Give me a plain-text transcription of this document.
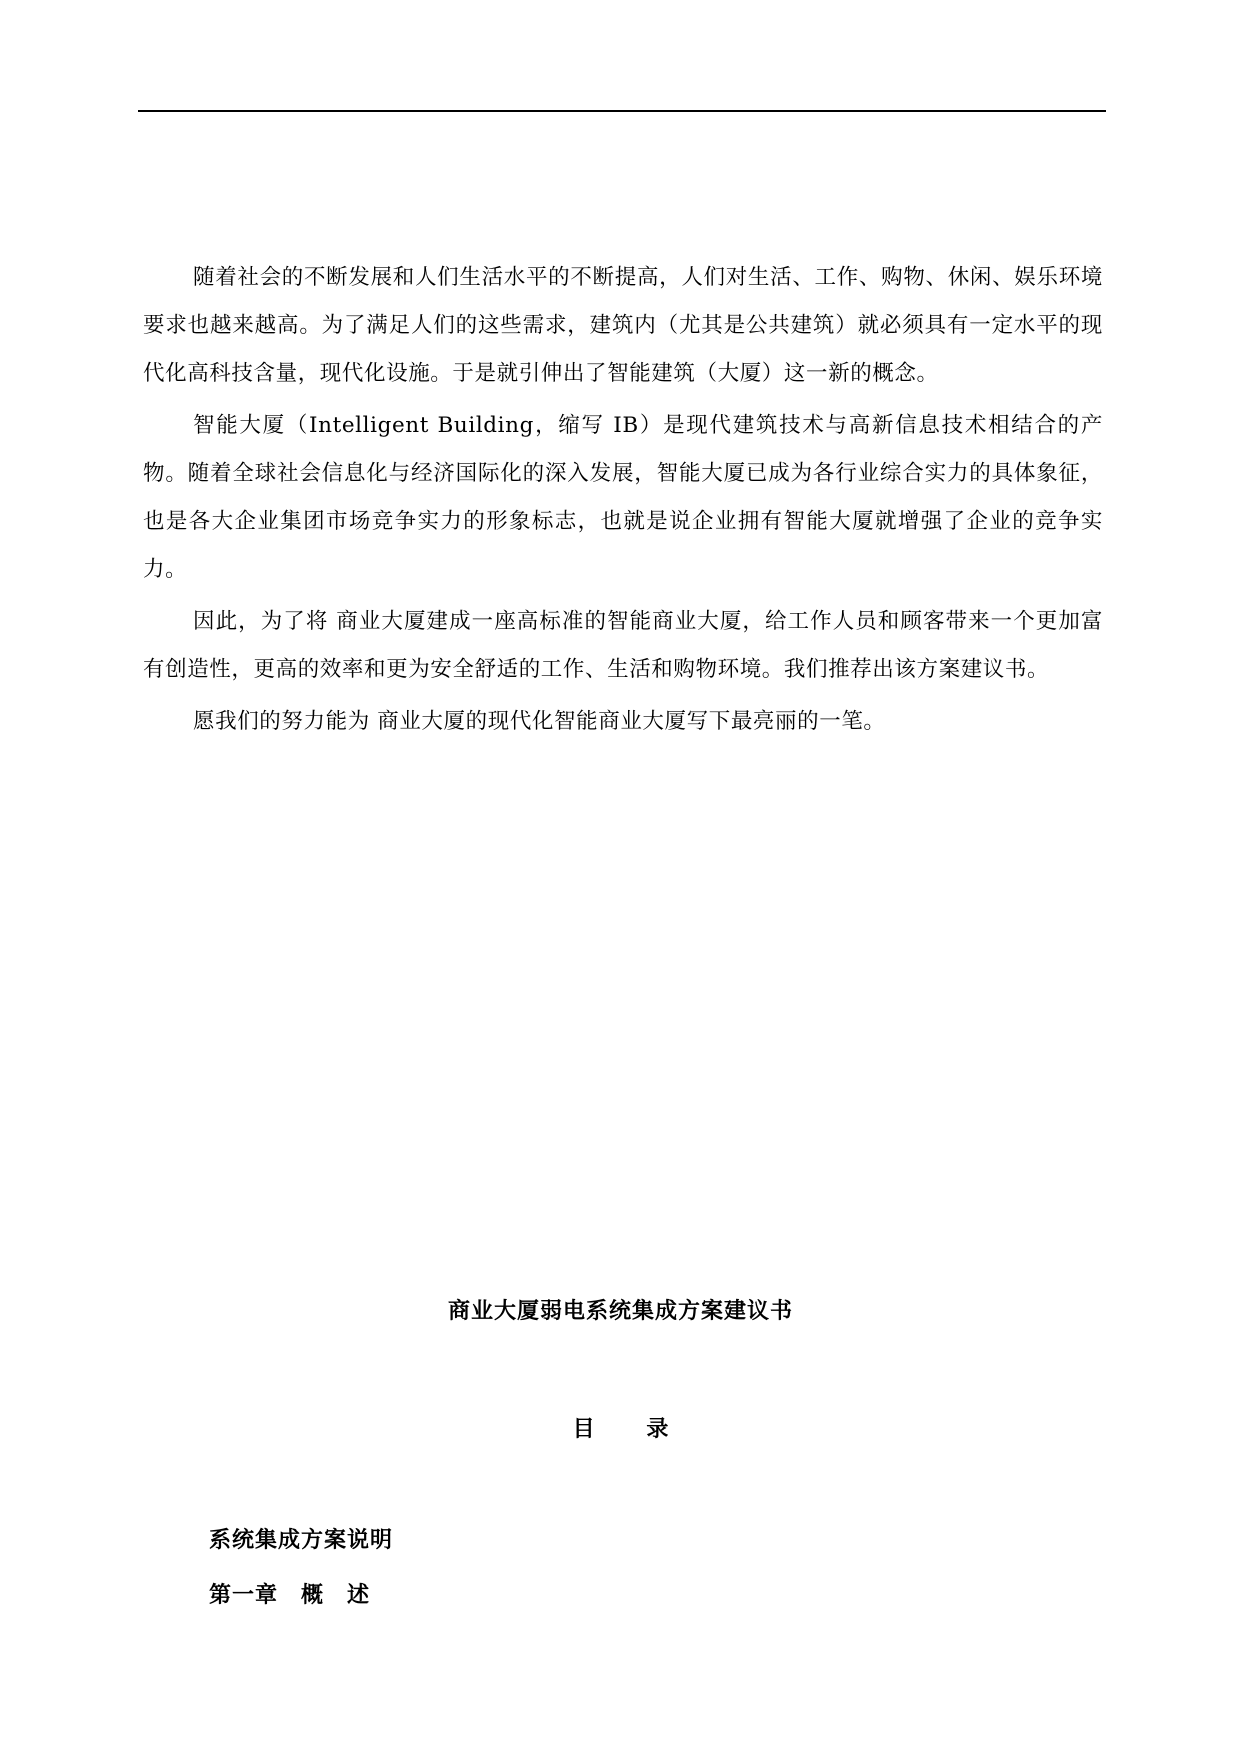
随着社会的不断发展和人们生活水平的不断提高，人们对生活、工作、购物、休闲、娱乐环境要求也越来越高。为了满足人们的这些需求，建筑内（尤其是公共建筑）就必须具有一定水平的现代化高科技含量，现代化设施。于是就引伸出了智能建筑（大厦）这一新的概念。

智能大厦（Intelligent Building，缩写 IB）是现代建筑技术与高新信息技术相结合的产物。随着全球社会信息化与经济国际化的深入发展，智能大厦已成为各行业综合实力的具体象征，也是各大企业集团市场竞争实力的形象标志，也就是说企业拥有智能大厦就增强了企业的竞争实力。

因此，为了将 商业大厦建成一座高标准的智能商业大厦，给工作人员和顾客带来一个更加富有创造性，更高的效率和更为安全舒适的工作、生活和购物环境。我们推荐出该方案建议书。

愿我们的努力能为 商业大厦的现代化智能商业大厦写下最亮丽的一笔。

商业大厦弱电系统集成方案建议书
目 录
系统集成方案说明
第一章　概　述
